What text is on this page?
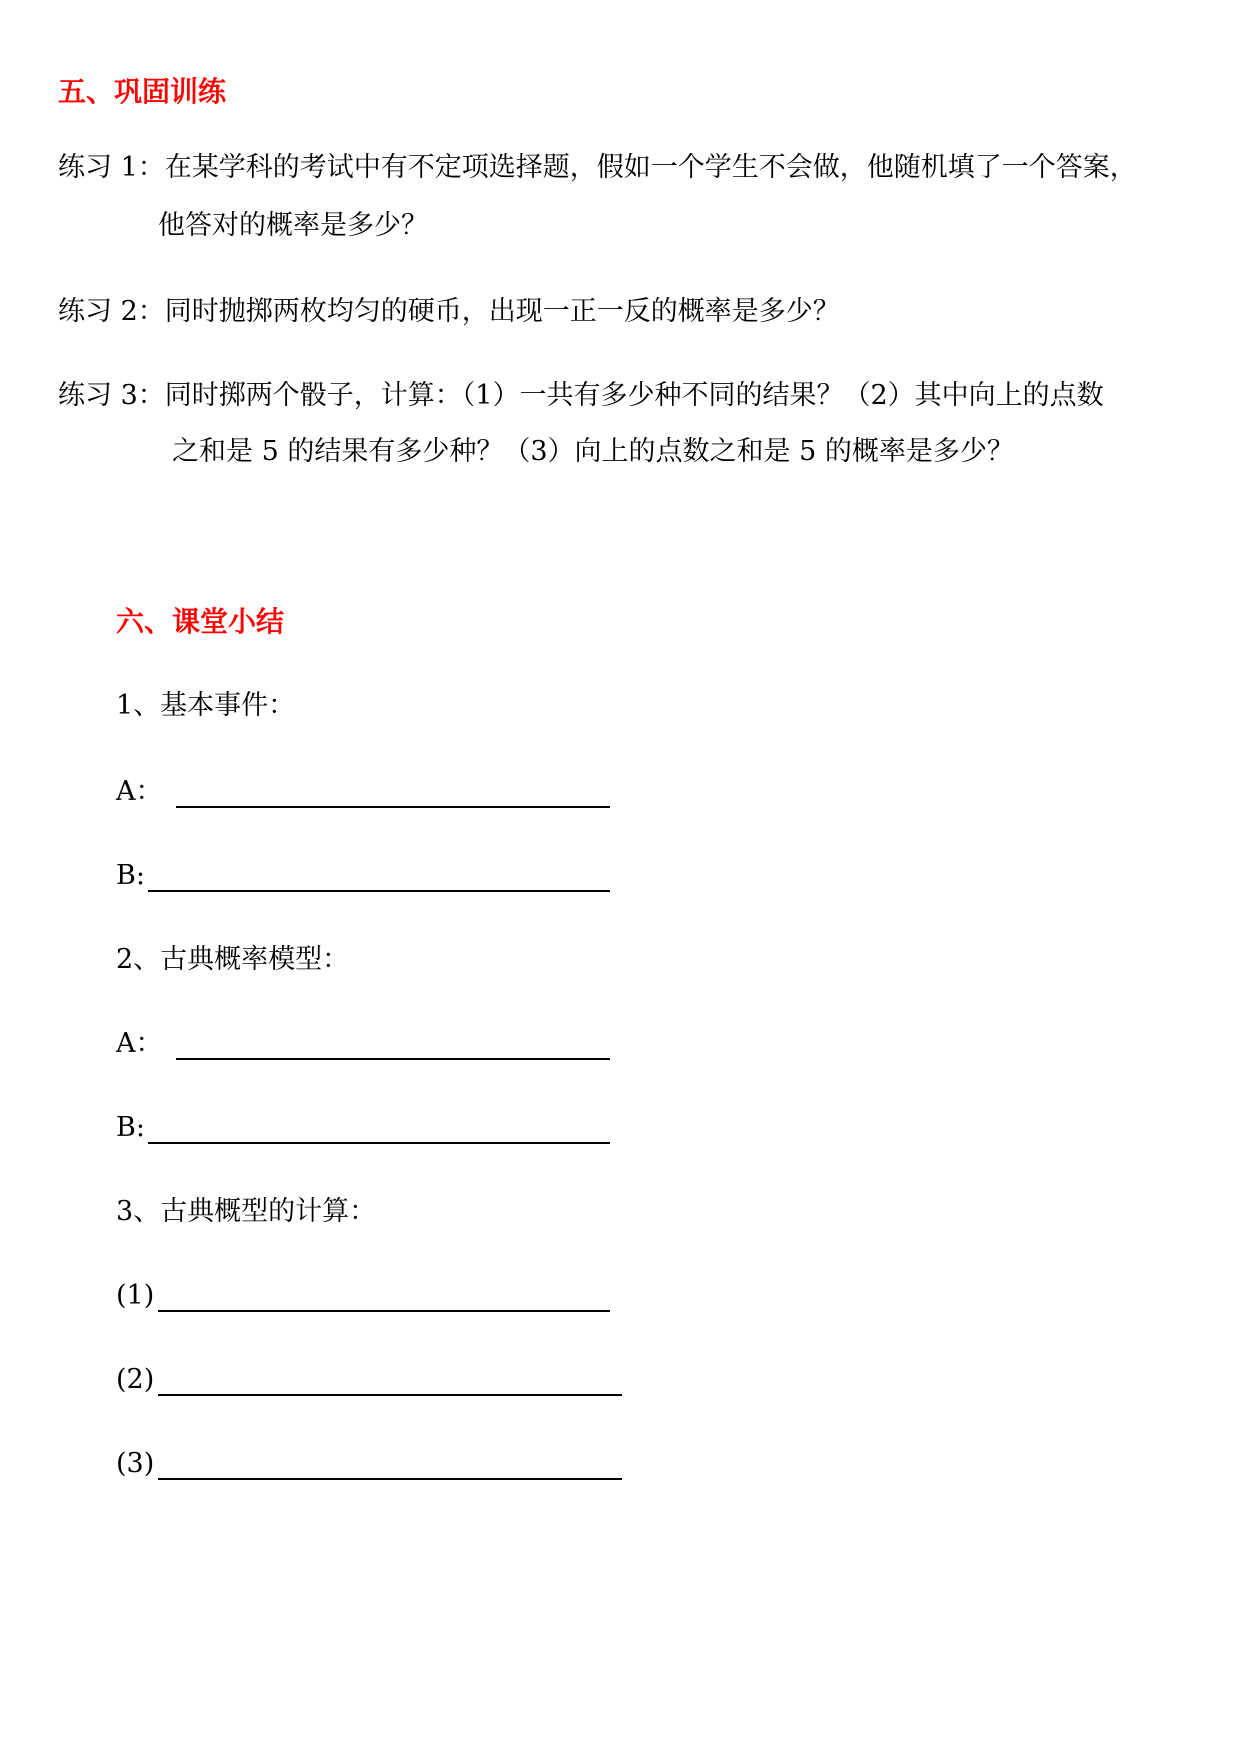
五、巩固训练
练习 1：在某学科的考试中有不定项选择题，假如一个学生不会做，他随机填了一个答案，
他答对的概率是多少？
练习 2：同时抛掷两枚均匀的硬币，出现一正一反的概率是多少？
练习 3：同时掷两个骰子，计算：（1）一共有多少种不同的结果？（2）其中向上的点数
之和是 5 的结果有多少种？（3）向上的点数之和是 5 的概率是多少？
六、课堂小结
1、基本事件：
A：
B:
2、古典概率模型：
A：
B:
3、古典概型的计算：
(1)
(2)
(3)
